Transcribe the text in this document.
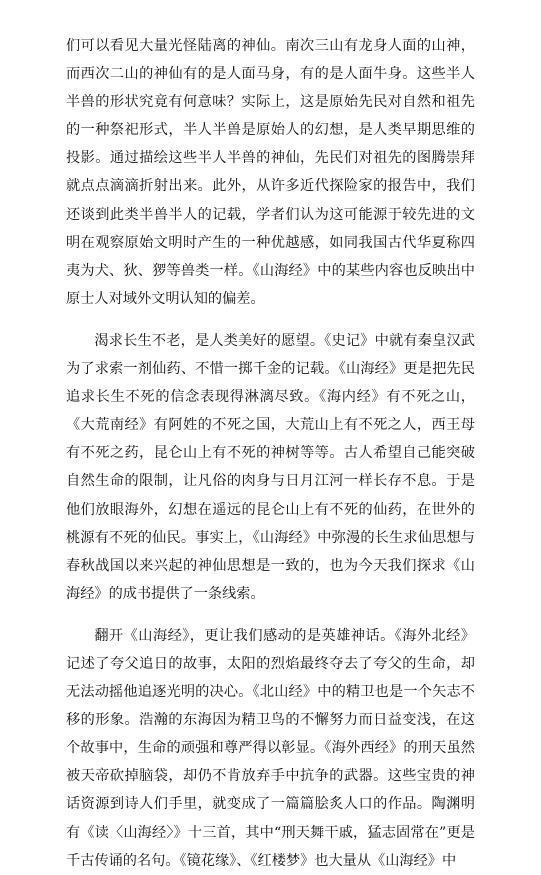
们可以看见大量光怪陆离的神仙。南次三山有龙身人面的山神，而西次二山的神仙有的是人面马身，有的是人面牛身。这些半人半兽的形状究竟有何意味？实际上，这是原始先民对自然和祖先的一种祭祀形式，半人半兽是原始人的幻想，是人类早期思维的投影。通过描绘这些半人半兽的神仙，先民们对祖先的图腾崇拜就点点滴滴折射出来。此外，从许多近代探险家的报告中，我们还谈到此类半兽半人的记载，学者们认为这可能源于较先进的文明在观察原始文明时产生的一种优越感，如同我国古代华夏称四夷为犬、狄、猡等兽类一样。《山海经》中的某些内容也反映出中原士人对域外文明认知的偏差。

渴求长生不老，是人类美好的愿望。《史记》中就有秦皇汉武为了求索一剂仙药、不惜一掷千金的记载。《山海经》更是把先民追求长生不死的信念表现得淋漓尽致。《海内经》有不死之山，《大荒南经》有阿姓的不死之国，大荒山上有不死之人，西王母有不死之药，昆仑山上有不死的神树等等。古人希望自己能突破自然生命的限制，让凡俗的肉身与日月江河一样长存不息。于是他们放眼海外，幻想在遥远的昆仑山上有不死的仙药，在世外的桃源有不死的仙民。事实上，《山海经》中弥漫的长生求仙思想与春秋战国以来兴起的神仙思想是一致的，也为今天我们探求《山海经》的成书提供了一条线索。

翻开《山海经》，更让我们感动的是英雄神话。《海外北经》记述了夸父追日的故事，太阳的烈焰最终夺去了夸父的生命，却无法动摇他追逐光明的决心。《北山经》中的精卫也是一个矢志不移的形象。浩瀚的东海因为精卫鸟的不懈努力而日益变浅，在这个故事中，生命的顽强和尊严得以彰显。《海外西经》的刑天虽然被天帝砍掉脑袋，却仍不肯放弃手中抗争的武器。这些宝贵的神话资源到诗人们手里，就变成了一篇篇脍炙人口的作品。陶渊明有《读〈山海经〉》十三首，其中“刑天舞干戚，猛志固常在”更是千古传诵的名句。《镜花缘》、《红楼梦》也大量从《山海经》中
